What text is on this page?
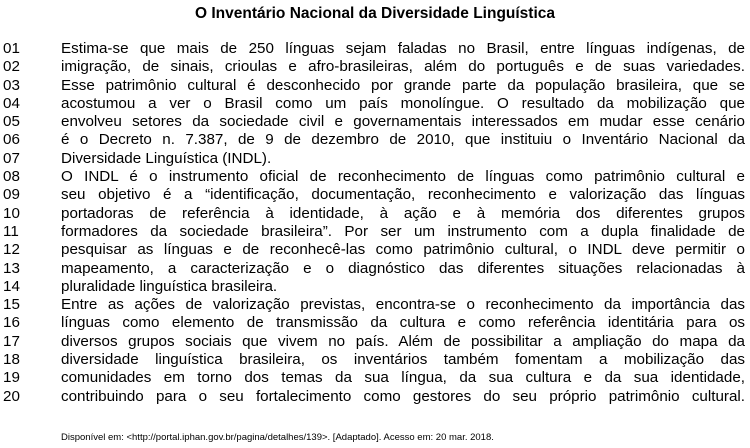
O Inventário Nacional da Diversidade Linguística
01	Estima-se que mais de 250 línguas sejam faladas no Brasil, entre línguas indígenas, de
02	imigração, de sinais, crioulas e afro-brasileiras, além do português e de suas variedades.
03	Esse patrimônio cultural é desconhecido por grande parte da população brasileira, que se
04	acostumou a ver o Brasil como um país monolíngue. O resultado da mobilização que
05	envolveu setores da sociedade civil e governamentais interessados em mudar esse cenário
06	é o Decreto n. 7.387, de 9 de dezembro de 2010, que instituiu o Inventário Nacional da
07	Diversidade Linguística (INDL).
08	O INDL é o instrumento oficial de reconhecimento de línguas como patrimônio cultural e
09	seu objetivo é a “identificação, documentação, reconhecimento e valorização das línguas
10	portadoras de referência à identidade, à ação e à memória dos diferentes grupos
11	formadores da sociedade brasileira”. Por ser um instrumento com a dupla finalidade de
12	pesquisar as línguas e de reconhecê-las como patrimônio cultural, o INDL deve permitir o
13	mapeamento, a caracterização e o diagnóstico das diferentes situações relacionadas à
14	pluralidade linguística brasileira.
15	Entre as ações de valorização previstas, encontra-se o reconhecimento da importância das
16	línguas como elemento de transmissão da cultura e como referência identitária para os
17	diversos grupos sociais que vivem no país. Além de possibilitar a ampliação do mapa da
18	diversidade linguística brasileira, os inventários também fomentam a mobilização das
19	comunidades em torno dos temas da sua língua, da sua cultura e da sua identidade,
20	contribuindo para o seu fortalecimento como gestores do seu próprio patrimônio cultural.
Disponível em: <http://portal.iphan.gov.br/pagina/detalhes/139>. [Adaptado]. Acesso em: 20 mar. 2018.
